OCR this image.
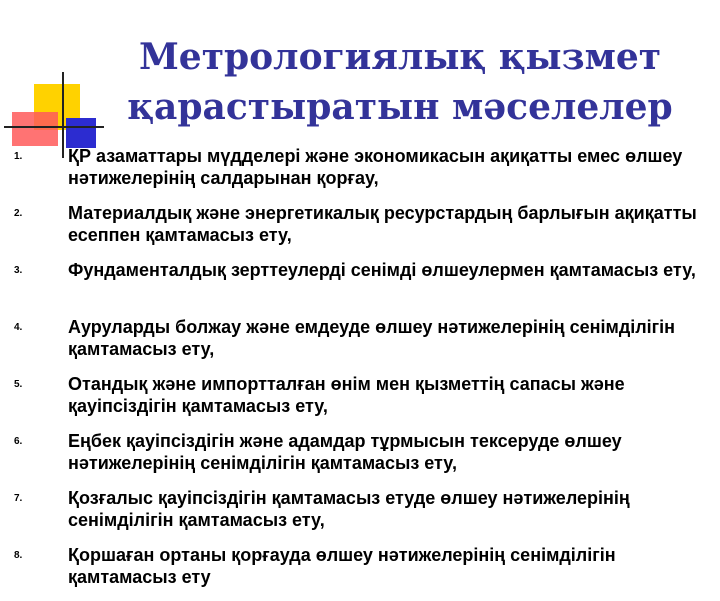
Метрологиялық қызмет
қарастыратын мәселелер
1.	ҚР азаматтары мүдделері және экономикасын ақиқатты емес өлшеу нәтижелерінің салдарынан қорғау,
2.	Материалдық және энергетикалық ресурстардың барлығын ақиқатты есеппен қамтамасыз ету,
3.	Фундаменталдық зерттеулерді сенімді өлшеулермен қамтамасыз ету,
4.	Ауруларды болжау және емдеуде өлшеу нәтижелерінің сенімділігін қамтамасыз ету,
5.	Отандық және импортталған өнім мен қызметтің сапасы және қауіпсіздігін қамтамасыз ету,
6.	Еңбек қауіпсіздігін және адамдар тұрмысын тексеруде өлшеу нәтижелерінің сенімділігін қамтамасыз ету,
7.	Қозғалыс қауіпсіздігін қамтамасыз етуде өлшеу нәтижелерінің сенімділігін қамтамасыз ету,
8.	Қоршаған ортаны қорғауда өлшеу нәтижелерінің сенімділігін қамтамасыз ету
